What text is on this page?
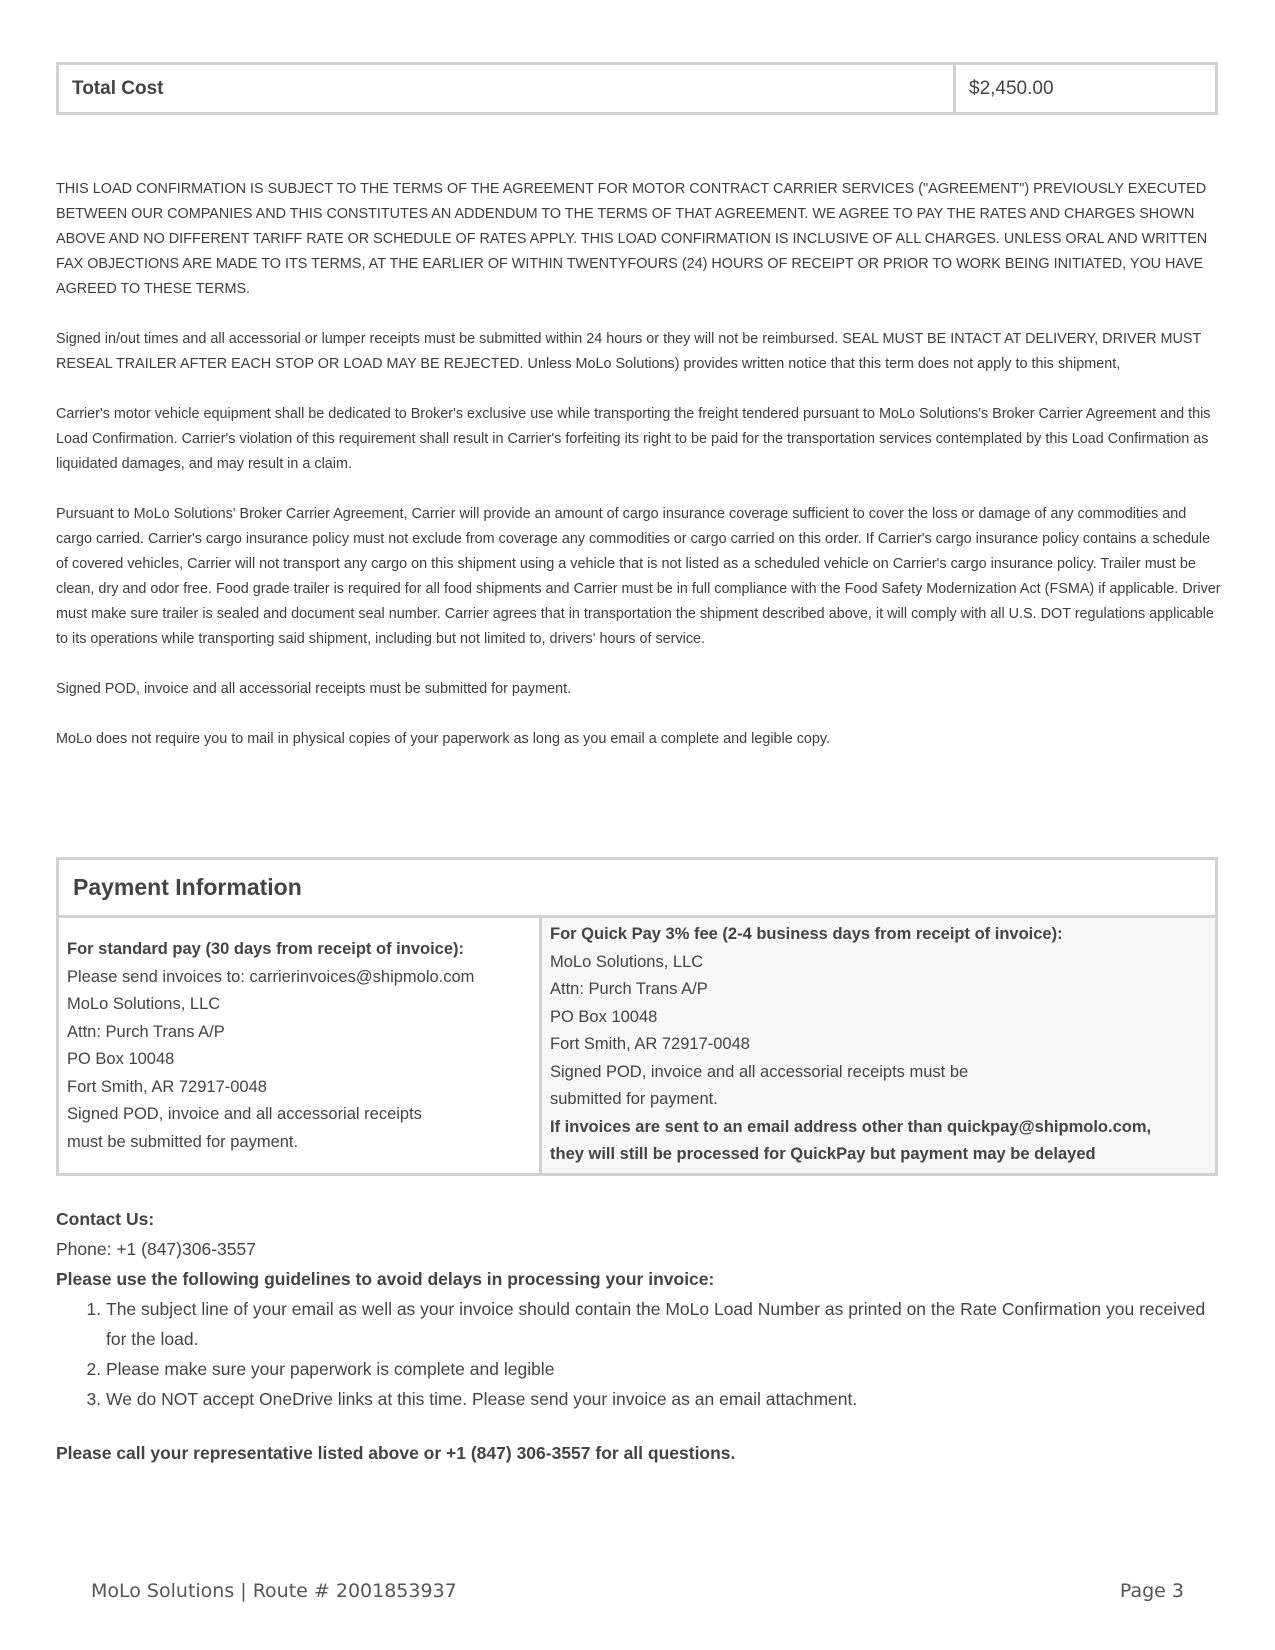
Total Cost	$2,450.00

THIS LOAD CONFIRMATION IS SUBJECT TO THE TERMS OF THE AGREEMENT FOR MOTOR CONTRACT CARRIER SERVICES ("AGREEMENT") PREVIOUSLY EXECUTED BETWEEN OUR COMPANIES AND THIS CONSTITUTES AN ADDENDUM TO THE TERMS OF THAT AGREEMENT. WE AGREE TO PAY THE RATES AND CHARGES SHOWN ABOVE AND NO DIFFERENT TARIFF RATE OR SCHEDULE OF RATES APPLY. THIS LOAD CONFIRMATION IS INCLUSIVE OF ALL CHARGES. UNLESS ORAL AND WRITTEN FAX OBJECTIONS ARE MADE TO ITS TERMS, AT THE EARLIER OF WITHIN TWENTYFOURS (24) HOURS OF RECEIPT OR PRIOR TO WORK BEING INITIATED, YOU HAVE AGREED TO THESE TERMS.

Signed in/out times and all accessorial or lumper receipts must be submitted within 24 hours or they will not be reimbursed. SEAL MUST BE INTACT AT DELIVERY, DRIVER MUST RESEAL TRAILER AFTER EACH STOP OR LOAD MAY BE REJECTED. Unless MoLo Solutions) provides written notice that this term does not apply to this shipment,

Carrier's motor vehicle equipment shall be dedicated to Broker's exclusive use while transporting the freight tendered pursuant to MoLo Solutions's Broker Carrier Agreement and this Load Confirmation. Carrier's violation of this requirement shall result in Carrier's forfeiting its right to be paid for the transportation services contemplated by this Load Confirmation as liquidated damages, and may result in a claim.

Pursuant to MoLo Solutions' Broker Carrier Agreement, Carrier will provide an amount of cargo insurance coverage sufficient to cover the loss or damage of any commodities and cargo carried. Carrier's cargo insurance policy must not exclude from coverage any commodities or cargo carried on this order. If Carrier's cargo insurance policy contains a schedule of covered vehicles, Carrier will not transport any cargo on this shipment using a vehicle that is not listed as a scheduled vehicle on Carrier's cargo insurance policy. Trailer must be clean, dry and odor free. Food grade trailer is required for all food shipments and Carrier must be in full compliance with the Food Safety Modernization Act (FSMA) if applicable. Driver must make sure trailer is sealed and document seal number. Carrier agrees that in transportation the shipment described above, it will comply with all U.S. DOT regulations applicable to its operations while transporting said shipment, including but not limited to, drivers' hours of service.

Signed POD, invoice and all accessorial receipts must be submitted for payment.

MoLo does not require you to mail in physical copies of your paperwork as long as you email a complete and legible copy.

Payment Information
For standard pay (30 days from receipt of invoice):
Please send invoices to: carrierinvoices@shipmolo.com
MoLo Solutions, LLC
Attn: Purch Trans A/P
PO Box 10048
Fort Smith, AR 72917-0048
Signed POD, invoice and all accessorial receipts
must be submitted for payment.
For Quick Pay 3% fee (2-4 business days from receipt of invoice):
MoLo Solutions, LLC
Attn: Purch Trans A/P
PO Box 10048
Fort Smith, AR 72917-0048
Signed POD, invoice and all accessorial receipts must be
submitted for payment.
If invoices are sent to an email address other than quickpay@shipmolo.com,
they will still be processed for QuickPay but payment may be delayed
Contact Us:
Phone: +1 (847)306-3557
Please use the following guidelines to avoid delays in processing your invoice:
1. The subject line of your email as well as your invoice should contain the MoLo Load Number as printed on the Rate Confirmation you received for the load.
2. Please make sure your paperwork is complete and legible
3. We do NOT accept OneDrive links at this time. Please send your invoice as an email attachment.
Please call your representative listed above or +1 (847) 306-3557 for all questions.
MoLo Solutions | Route # 2001853937	Page 3
